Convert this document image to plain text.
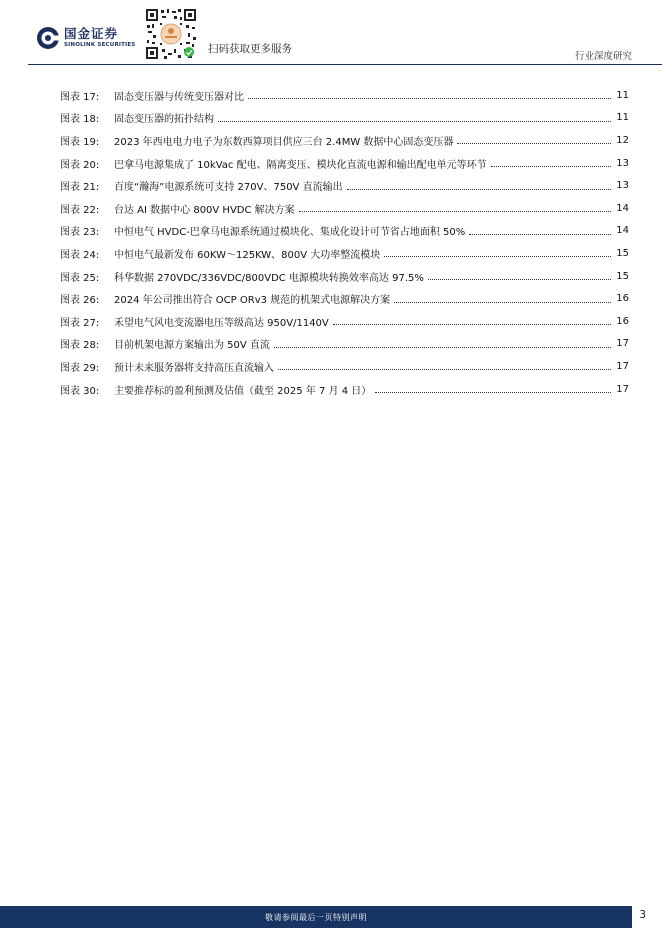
国金证券
SINOLINK SECURITIES	扫码获取更多服务
行业深度研究
图表 17:	固态变压器与传统变压器对比	11
图表 18:	固态变压器的拓扑结构	11
图表 19:	2023 年西电电力电子为东数西算项目供应三台 2.4MW 数据中心固态变压器	12
图表 20:	巴拿马电源集成了 10kVac 配电、隔离变压、模块化直流电源和输出配电单元等环节	13
图表 21:	百度“瀚海”电源系统可支持 270V、750V 直流输出	13
图表 22:	台达 AI 数据中心 800V HVDC 解决方案	14
图表 23:	中恒电气 HVDC-巴拿马电源系统通过模块化、集成化设计可节省占地面积 50%	14
图表 24:	中恒电气最新发布 60KW～125KW、800V 大功率整流模块	15
图表 25:	科华数据 270VDC/336VDC/800VDC 电源模块转换效率高达 97.5%	15
图表 26:	2024 年公司推出符合 OCP ORv3 规范的机架式电源解决方案	16
图表 27:	禾望电气风电变流器电压等级高达 950V/1140V	16
图表 28:	目前机架电源方案输出为 50V 直流	17
图表 29:	预计未来服务器将支持高压直流输入	17
图表 30:	主要推荐标的盈利预测及估值（截至 2025 年 7 月 4 日）	17
敬请参阅最后一页特别声明	3
